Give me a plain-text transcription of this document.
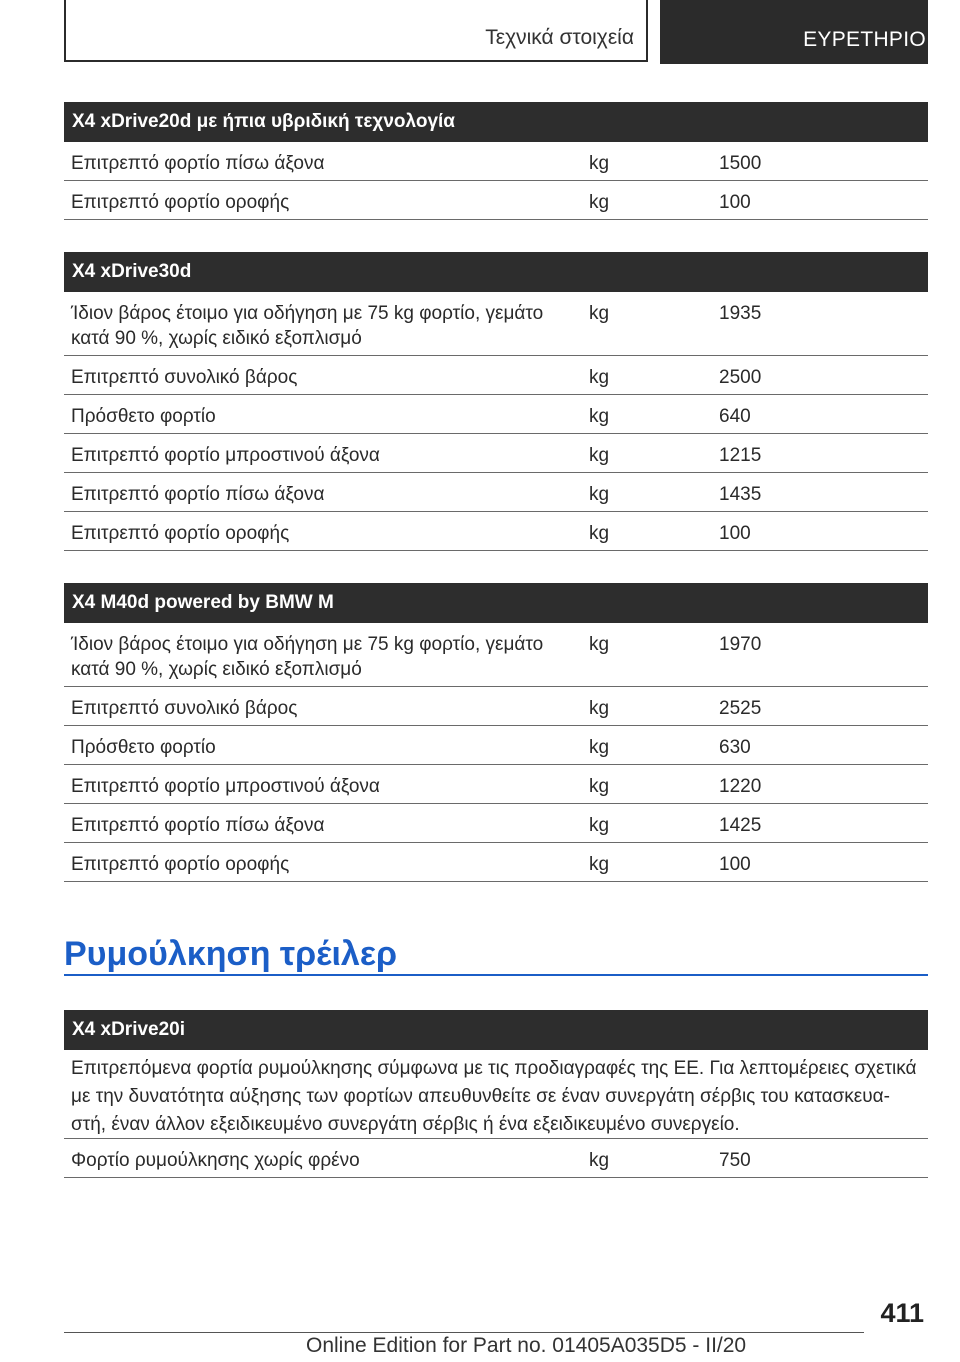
Τεχνικά στοιχεία	ΕΥΡΕΤΗΡΙΟ
X4 xDrive20d με ήπια υβριδική τεχνολογία
Επιτρεπτό φορτίο πίσω άξονα	kg	1500
Επιτρεπτό φορτίο οροφής	kg	100
X4 xDrive30d
Ίδιον βάρος έτοιμο για οδήγηση με 75 kg φορτίο, γεμάτο κατά 90 %, χωρίς ειδικό εξοπλισμό
kg	1935
Επιτρεπτό συνολικό βάρος	kg	2500
Πρόσθετο φορτίο	kg	640
Επιτρεπτό φορτίο μπροστινού άξονα	kg	1215
Επιτρεπτό φορτίο πίσω άξονα	kg	1435
Επιτρεπτό φορτίο οροφής	kg	100
X4 M40d powered by BMW M
Ίδιον βάρος έτοιμο για οδήγηση με 75 kg φορτίο, γεμάτο κατά 90 %, χωρίς ειδικό εξοπλισμό
kg	1970
Επιτρεπτό συνολικό βάρος	kg	2525
Πρόσθετο φορτίο	kg	630
Επιτρεπτό φορτίο μπροστινού άξονα	kg	1220
Επιτρεπτό φορτίο πίσω άξονα	kg	1425
Επιτρεπτό φορτίο οροφής	kg	100
Ρυμούλκηση τρέιλερ
X4 xDrive20i
Επιτρεπόμενα φορτία ρυμούλκησης σύμφωνα με τις προδιαγραφές της ΕΕ. Για λεπτομέρειες σχετικά με την δυνατότητα αύξησης των φορτίων απευθυνθείτε σε έναν συνεργάτη σέρβις του κατασκευα- στή, έναν άλλον εξειδικευμένο συνεργάτη σέρβις ή ένα εξειδικευμένο συνεργείο.
Φορτίο ρυμούλκησης χωρίς φρένο	kg	750
411
Online Edition for Part no. 01405A035D5 - II/20
